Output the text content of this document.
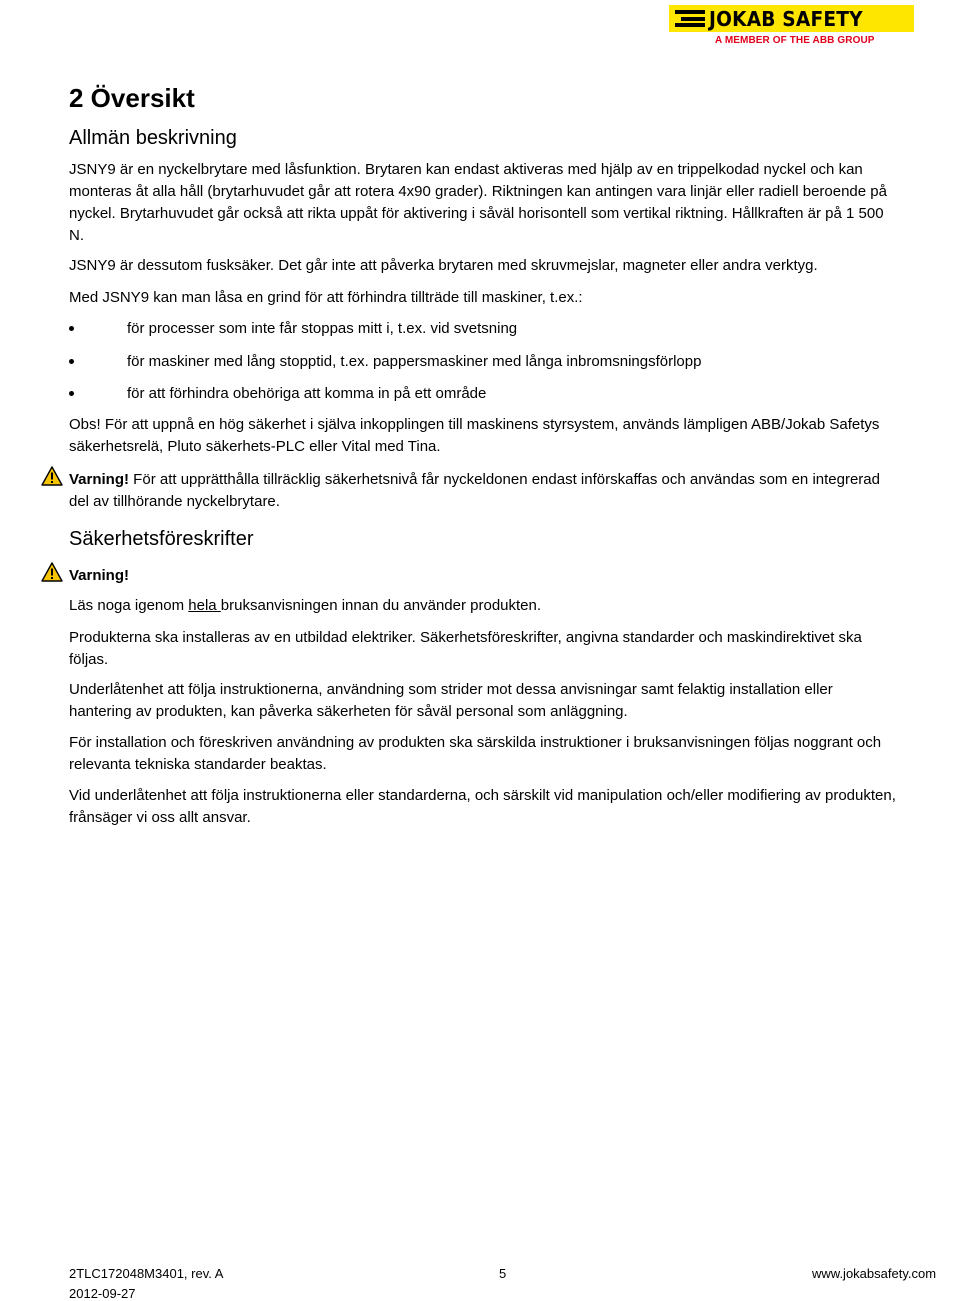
JOKAB SAFETY
A MEMBER OF THE ABB GROUP
2 Översikt
Allmän beskrivning

JSNY9 är en nyckelbrytare med låsfunktion. Brytaren kan endast aktiveras med hjälp av en trippelkodad nyckel och kan monteras åt alla håll (brytarhuvudet går att rotera 4x90 grader). Riktningen kan antingen vara linjär eller radiell beroende på nyckel. Brytarhuvudet går också att rikta uppåt för aktivering i såväl horisontell som vertikal riktning. Hållkraften är på 1 500 N.

JSNY9 är dessutom fusksäker. Det går inte att påverka brytaren med skruvmejslar, magneter eller andra verktyg.

Med JSNY9 kan man låsa en grind för att förhindra tillträde till maskiner, t.ex.:

för processer som inte får stoppas mitt i, t.ex. vid svetsning
för maskiner med lång stopptid, t.ex. pappersmaskiner med långa inbromsningsförlopp
för att förhindra obehöriga att komma in på ett område

Obs! För att uppnå en hög säkerhet i själva inkopplingen till maskinens styrsystem, används lämpligen ABB/Jokab Safetys säkerhetsrelä, Pluto säkerhets-PLC eller Vital med Tina.

Varning! För att upprätthålla tillräcklig säkerhetsnivå får nyckeldonen endast införskaffas och användas som en integrerad del av tillhörande nyckelbrytare.

Säkerhetsföreskrifter

Varning!

Läs noga igenom hela bruksanvisningen innan du använder produkten.

Produkterna ska installeras av en utbildad elektriker. Säkerhetsföreskrifter, angivna standarder och maskindirektivet ska följas.

Underlåtenhet att följa instruktionerna, användning som strider mot dessa anvisningar samt felaktig installation eller hantering av produkten, kan påverka säkerheten för såväl personal som anläggning.

För installation och föreskriven användning av produkten ska särskilda instruktioner i bruksanvisningen följas noggrant och relevanta tekniska standarder beaktas.

Vid underlåtenhet att följa instruktionerna eller standarderna, och särskilt vid manipulation och/eller modifiering av produkten, frånsäger vi oss allt ansvar.

2TLC172048M3401, rev. A
2012-09-27
5	www.jokabsafety.com
